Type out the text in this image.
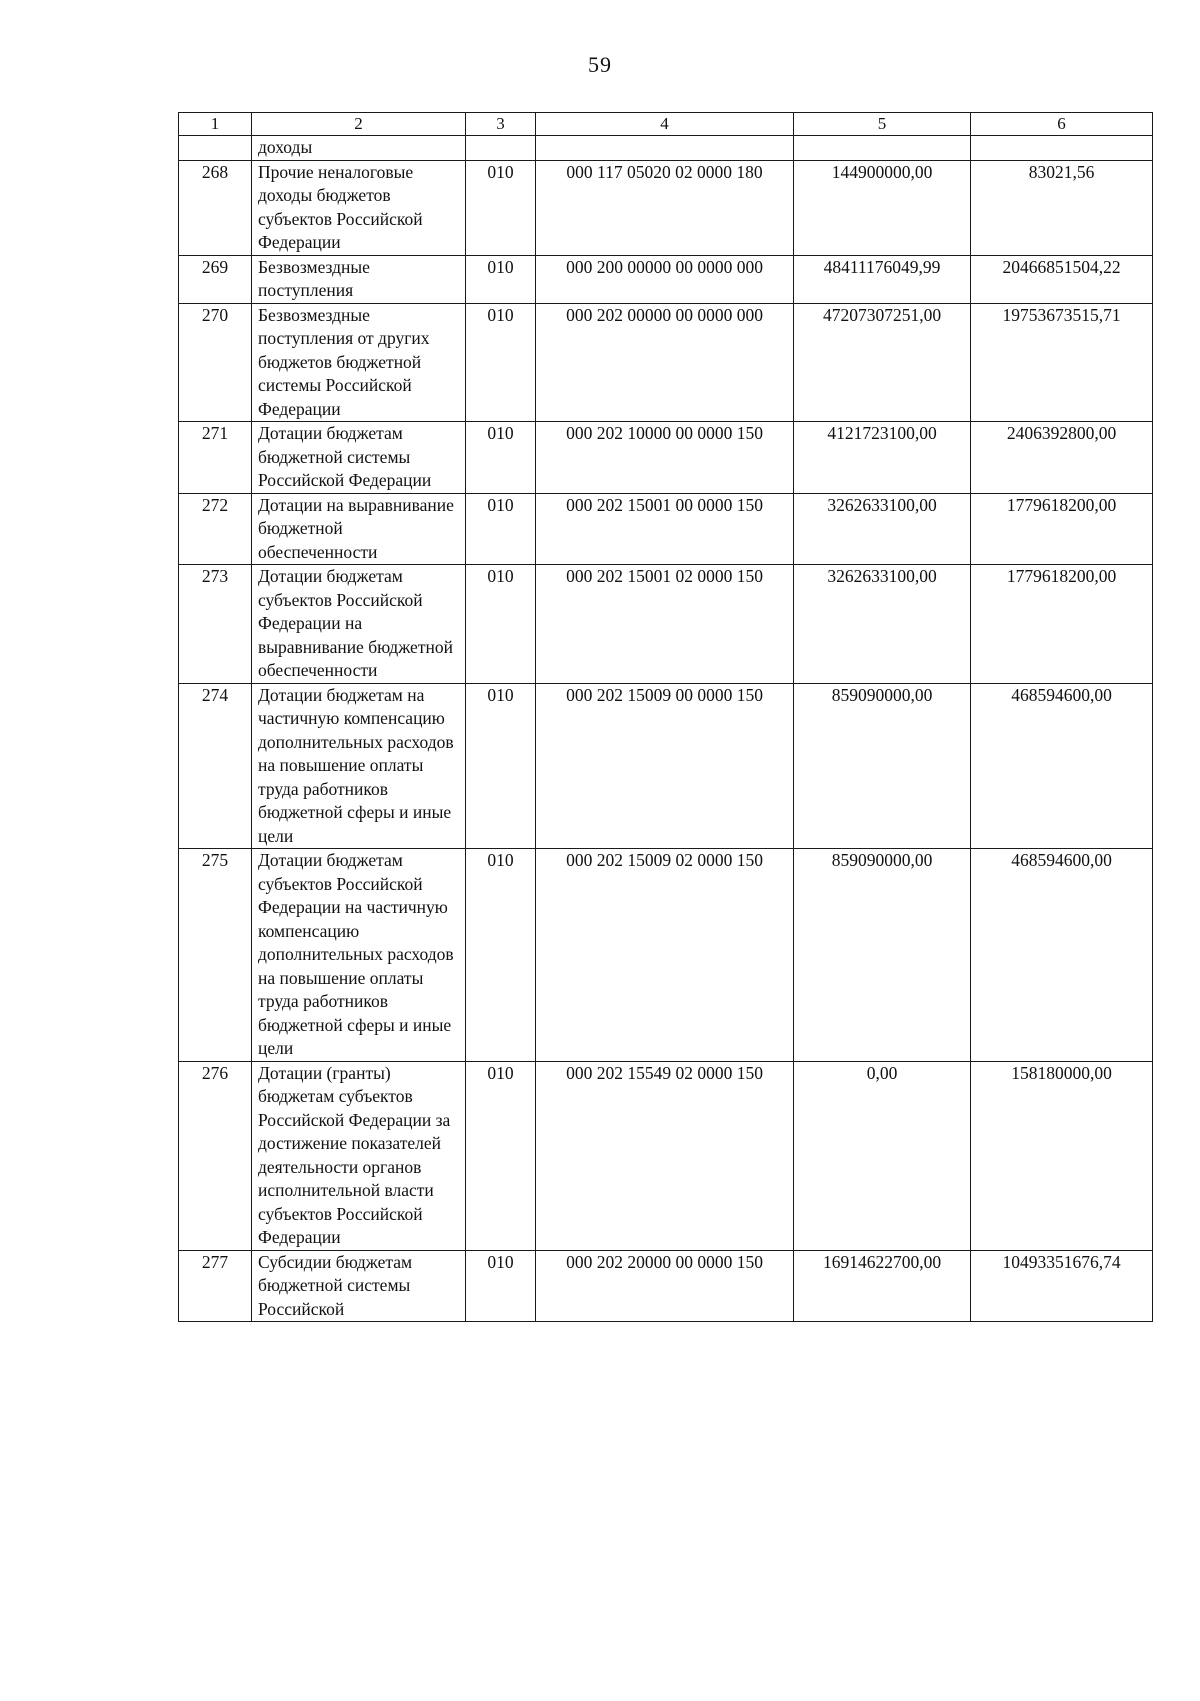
59
1	2	3	4	5	6
	доходы				
268	Прочие неналоговые доходы бюджетов субъектов Российской Федерации	010	000 117 05020 02 0000 180	144900000,00	83021,56
269	Безвозмездные поступления	010	000 200 00000 00 0000 000	48411176049,99	20466851504,22
270	Безвозмездные поступления от других бюджетов бюджетной системы Российской Федерации	010	000 202 00000 00 0000 000	47207307251,00	19753673515,71
271	Дотации бюджетам бюджетной системы Российской Федерации	010	000 202 10000 00 0000 150	4121723100,00	2406392800,00
272	Дотации на выравнивание бюджетной обеспеченности	010	000 202 15001 00 0000 150	3262633100,00	1779618200,00
273	Дотации бюджетам субъектов Российской Федерации на выравнивание бюджетной обеспеченности	010	000 202 15001 02 0000 150	3262633100,00	1779618200,00
274	Дотации бюджетам на частичную компенсацию дополнительных расходов на повышение оплаты труда работников бюджетной сферы и иные цели	010	000 202 15009 00 0000 150	859090000,00	468594600,00
275	Дотации бюджетам субъектов Российской Федерации на частичную компенсацию дополнительных расходов на повышение оплаты труда работников бюджетной сферы и иные цели	010	000 202 15009 02 0000 150	859090000,00	468594600,00
276	Дотации (гранты) бюджетам субъектов Российской Федерации за достижение показателей деятельности органов исполнительной власти субъектов Российской Федерации	010	000 202 15549 02 0000 150	0,00	158180000,00
277	Субсидии бюджетам бюджетной системы Российской	010	000 202 20000 00 0000 150	16914622700,00	10493351676,74
